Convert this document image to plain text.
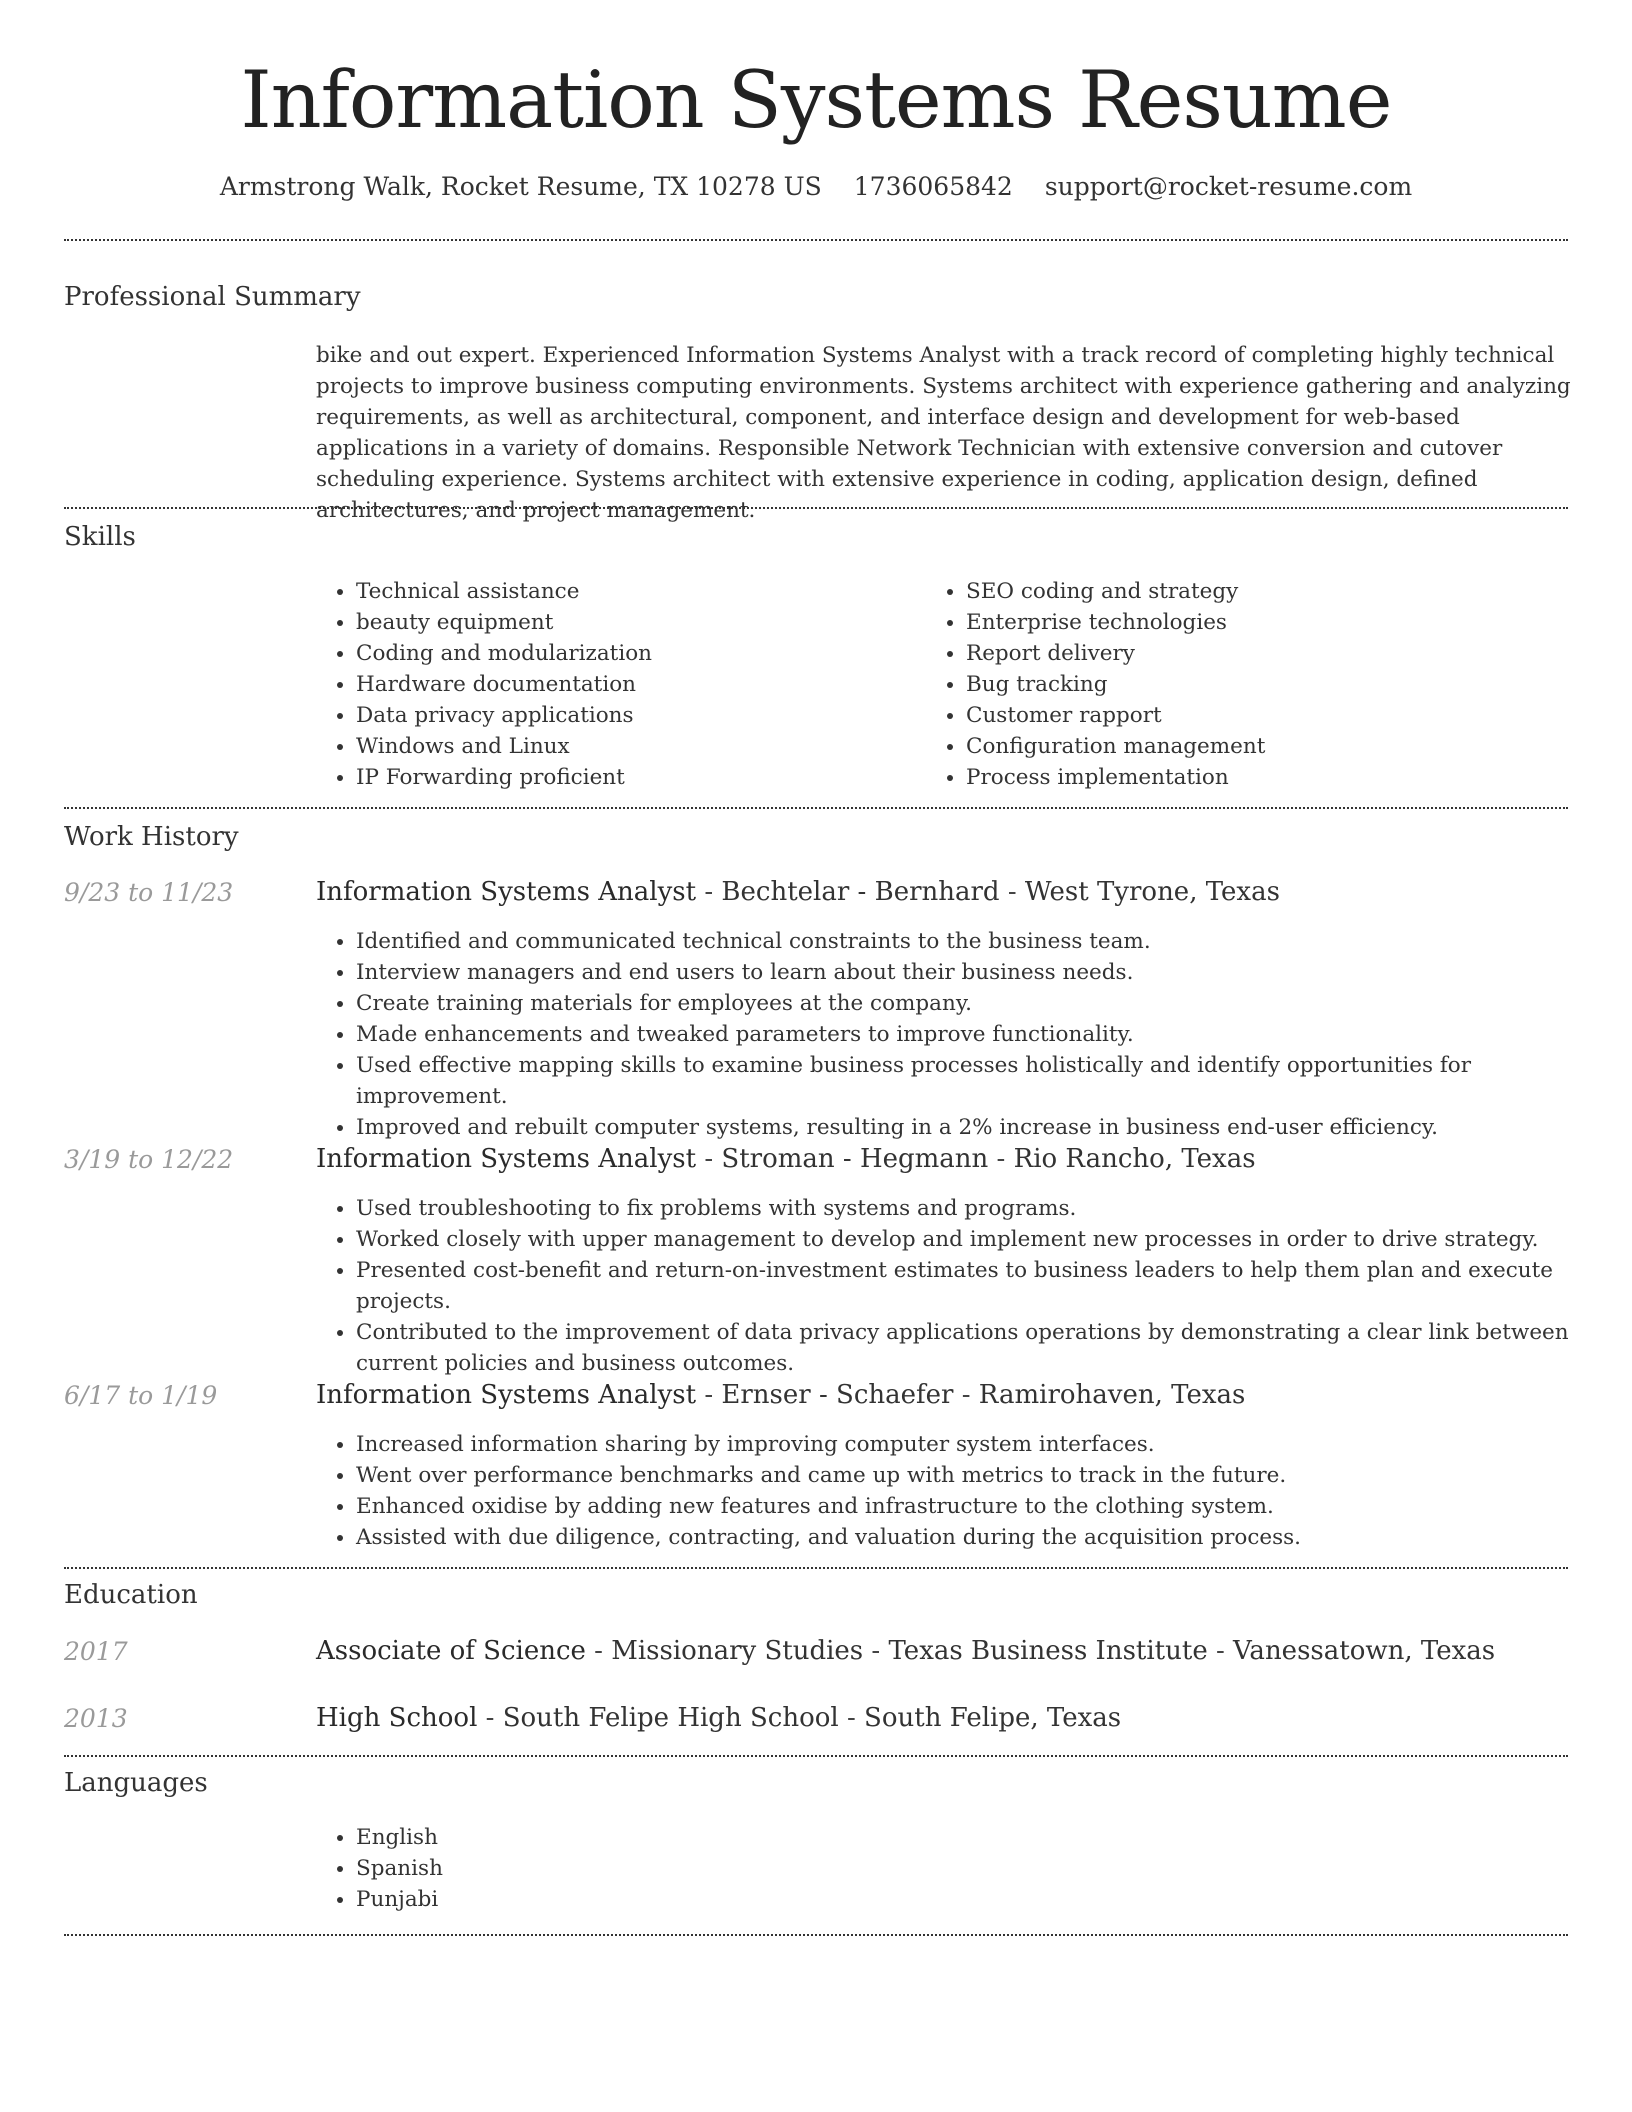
Information Systems Resume
Armstrong Walk, Rocket Resume, TX 10278 US 1736065842 support@rocket-resume.com
Professional Summary

bike and out expert. Experienced Information Systems Analyst with a track record of completing highly technical projects to improve business computing environments. Systems architect with experience gathering and analyzing requirements, as well as architectural, component, and interface design and development for web-based applications in a variety of domains. Responsible Network Technician with extensive conversion and cutover scheduling experience. Systems architect with extensive experience in coding, application design, defined architectures, and project management.

Skills
• Technical assistance
• beauty equipment
• Coding and modularization
• Hardware documentation
• Data privacy applications
• Windows and Linux
• IP Forwarding proficient
• SEO coding and strategy
• Enterprise technologies
• Report delivery
• Bug tracking
• Customer rapport
• Configuration management
• Process implementation
Work History
9/23 to 11/23	Information Systems Analyst - Bechtelar - Bernhard - West Tyrone, Texas
• Identified and communicated technical constraints to the business team.
• Interview managers and end users to learn about their business needs.
• Create training materials for employees at the company.
• Made enhancements and tweaked parameters to improve functionality.
• Used effective mapping skills to examine business processes holistically and identify opportunities for improvement.
• Improved and rebuilt computer systems, resulting in a 2% increase in business end-user efficiency.
3/19 to 12/22	Information Systems Analyst - Stroman - Hegmann - Rio Rancho, Texas
• Used troubleshooting to fix problems with systems and programs.
• Worked closely with upper management to develop and implement new processes in order to drive strategy.
• Presented cost-benefit and return-on-investment estimates to business leaders to help them plan and execute projects.
• Contributed to the improvement of data privacy applications operations by demonstrating a clear link between current policies and business outcomes.
6/17 to 1/19	Information Systems Analyst - Ernser - Schaefer - Ramirohaven, Texas
• Increased information sharing by improving computer system interfaces.
• Went over performance benchmarks and came up with metrics to track in the future.
• Enhanced oxidise by adding new features and infrastructure to the clothing system.
• Assisted with due diligence, contracting, and valuation during the acquisition process.
Education
2017	Associate of Science - Missionary Studies - Texas Business Institute - Vanessatown, Texas
2013	High School - South Felipe High School - South Felipe, Texas
Languages
• English
• Spanish
• Punjabi
